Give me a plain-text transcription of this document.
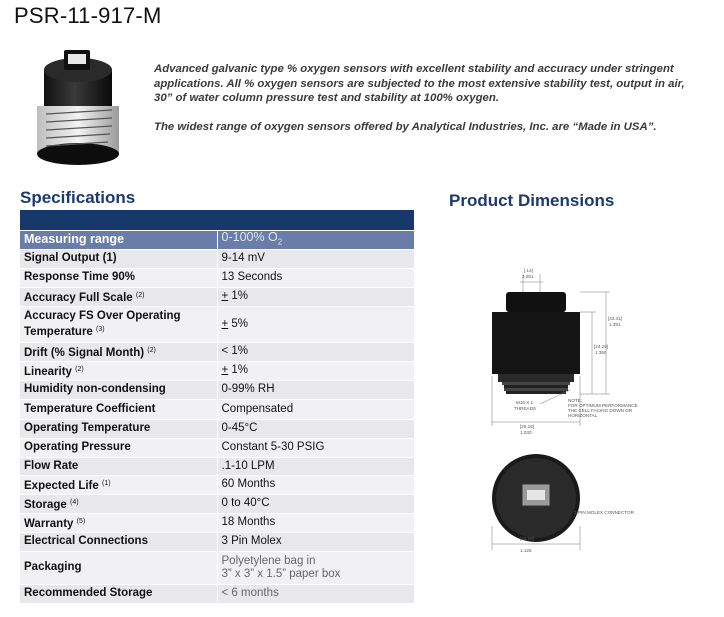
PSR-11-917-M

Advanced galvanic type % oxygen sensors with excellent stability and accuracy under stringent applications. All % oxygen sensors are subjected to the most extensive stability test, output in air, 30” of water column pressure test and stability at 100% oxygen.

The widest range of oxygen sensors offered by Analytical Industries, Inc. are “Made in USA”.

Specifications	Product Dimensions

Measuring range	0-100% $O_2$
Signal Output (1)	9-14 mV
Response Time 90%	13 Seconds
Accuracy Full Scale $^{(2)}$	+ 1%
Accuracy FS Over Operating Temperature $^{(3)}$	+ 5%
Drift (% Signal Month) $^{(2)}$	< 1%
Linearity $^{(2)}$	+ 1%
Humidity non-condensing	0-99% RH
Temperature Coefficient	Compensated
Operating Temperature	0-45°C
Operating Pressure	Constant 5-30 PSIG
Flow Rate	.1-10 LPM
Expected Life $^{(1)}$	60 Months
Storage $^{(4)}$	0 to 40°C
Warranty $^{(5)}$	18 Months
Electrical Connections	3 Pin Molex
Packaging	Polyetylene bag in
3” x 3” x 1.5” paper box
Recommended Storage	< 6 months
[.14]
3.551
[43.41]
1.391
[24.29]
1.350
M16 X 1
THREADS
[26.16]
1.030
NOTE:
FOR OPTIMUM PERFORMANCE
THE CELL FACING DOWN OR
HORIZONTAL
3-PIN MOLEX CONNECTOR
[28.58]
1.125
